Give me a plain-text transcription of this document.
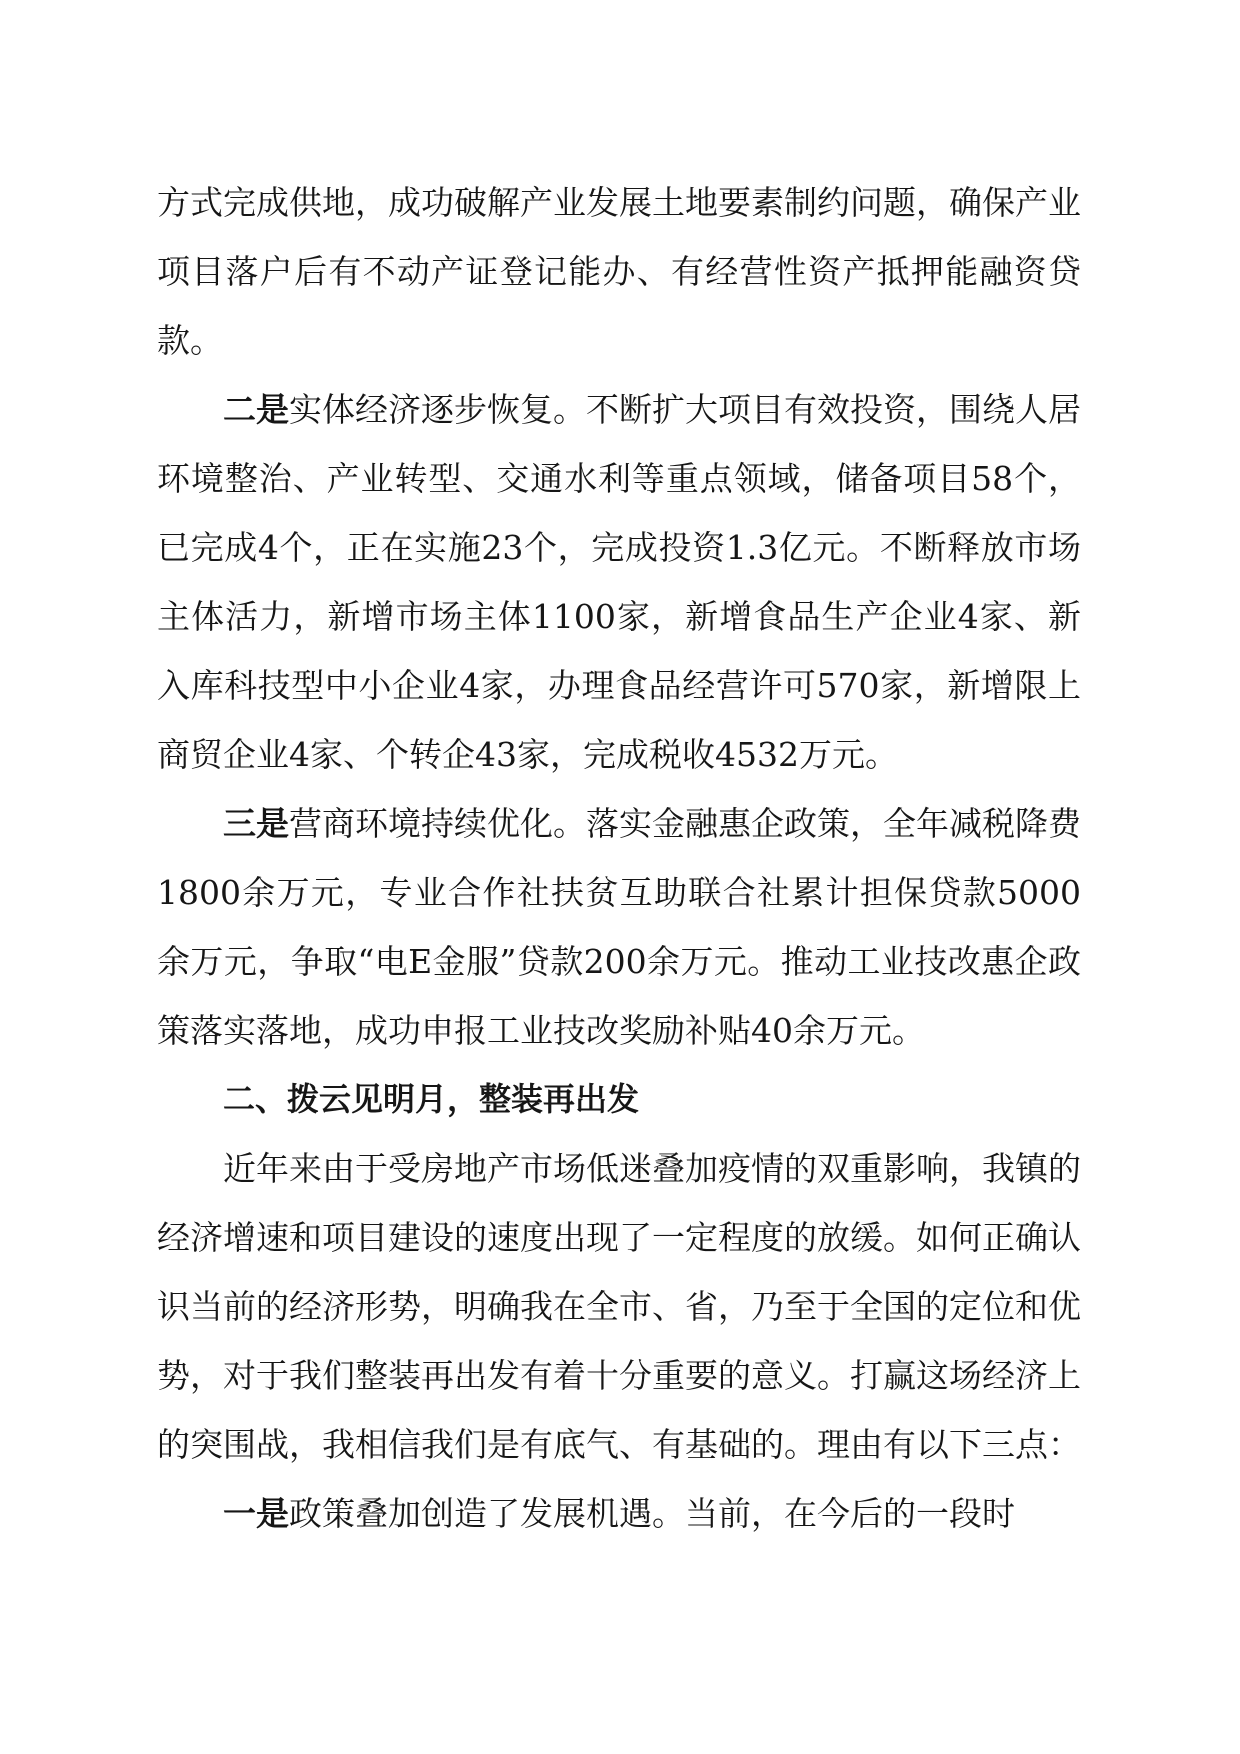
方式完成供地，成功破解产业发展土地要素制约问题，确保产业项目落户后有不动产证登记能办、有经营性资产抵押能融资贷款。

二是实体经济逐步恢复。不断扩大项目有效投资，围绕人居环境整治、产业转型、交通水利等重点领域，储备项目58个，已完成4个，正在实施23个，完成投资1.3亿元。不断释放市场主体活力，新增市场主体1100家，新增食品生产企业4家、新入库科技型中小企业4家，办理食品经营许可570家，新增限上商贸企业4家、个转企43家，完成税收4532万元。

三是营商环境持续优化。落实金融惠企政策，全年减税降费1800余万元，专业合作社扶贫互助联合社累计担保贷款5000余万元，争取“电E金服”贷款200余万元。推动工业技改惠企政策落实落地，成功申报工业技改奖励补贴40余万元。

二、拨云见明月，整装再出发

近年来由于受房地产市场低迷叠加疫情的双重影响，我镇的经济增速和项目建设的速度出现了一定程度的放缓。如何正确认识当前的经济形势，明确我在全市、省，乃至于全国的定位和优势，对于我们整装再出发有着十分重要的意义。打赢这场经济上的突围战，我相信我们是有底气、有基础的。理由有以下三点：

一是政策叠加创造了发展机遇。当前，在今后的一段时
